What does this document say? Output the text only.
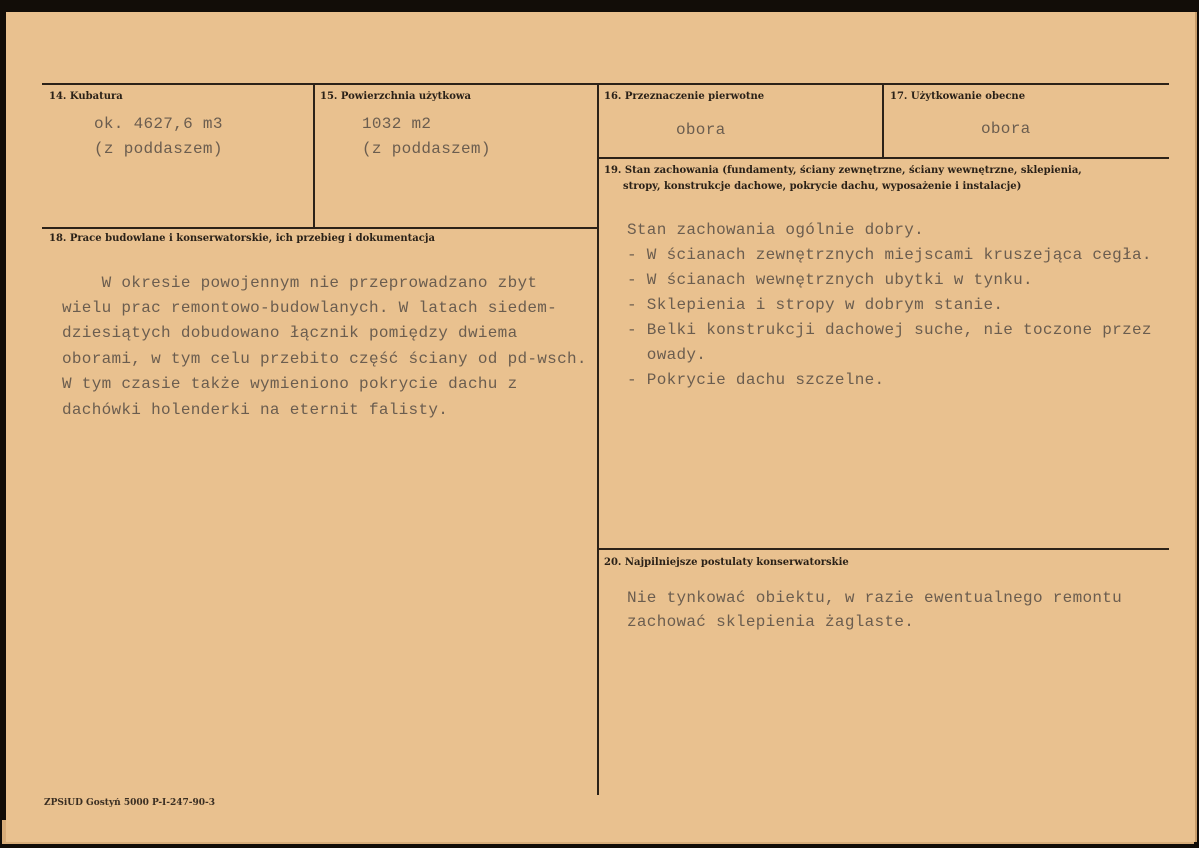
14. Kubatura
ok. 4627,6 m3
(z poddaszem)
15. Powierzchnia użytkowa
1032 m2
(z poddaszem)
16. Przeznaczenie pierwotne
obora
17. Użytkowanie obecne
obora
19. Stan zachowania (fundamenty, ściany zewnętrzne, ściany wewnętrzne, sklepienia,
stropy, konstrukcje dachowe, pokrycie dachu, wyposażenie i instalacje)
Stan zachowania ogólnie dobry.
- W ścianach zewnętrznych miejscami kruszejąca cegła.
- W ścianach wewnętrznych ubytki w tynku.
- Sklepienia i stropy w dobrym stanie.
- Belki konstrukcji dachowej suche, nie toczone przez
owady.
- Pokrycie dachu szczelne.
18. Prace budowlane i konserwatorskie, ich przebieg i dokumentacja
W okresie powojennym nie przeprowadzano zbyt
wielu prac remontowo-budowlanych. W latach siedem-
dziesiątych dobudowano łącznik pomiędzy dwiema
oborami, w tym celu przebito część ściany od pd-wsch.
W tym czasie także wymieniono pokrycie dachu z
dachówki holenderki na eternit falisty.
20. Najpilniejsze postulaty konserwatorskie
Nie tynkować obiektu, w razie ewentualnego remontu
zachować sklepienia żaglaste.
ZPSiUD Gostyń 5000 P-I-247-90-3
